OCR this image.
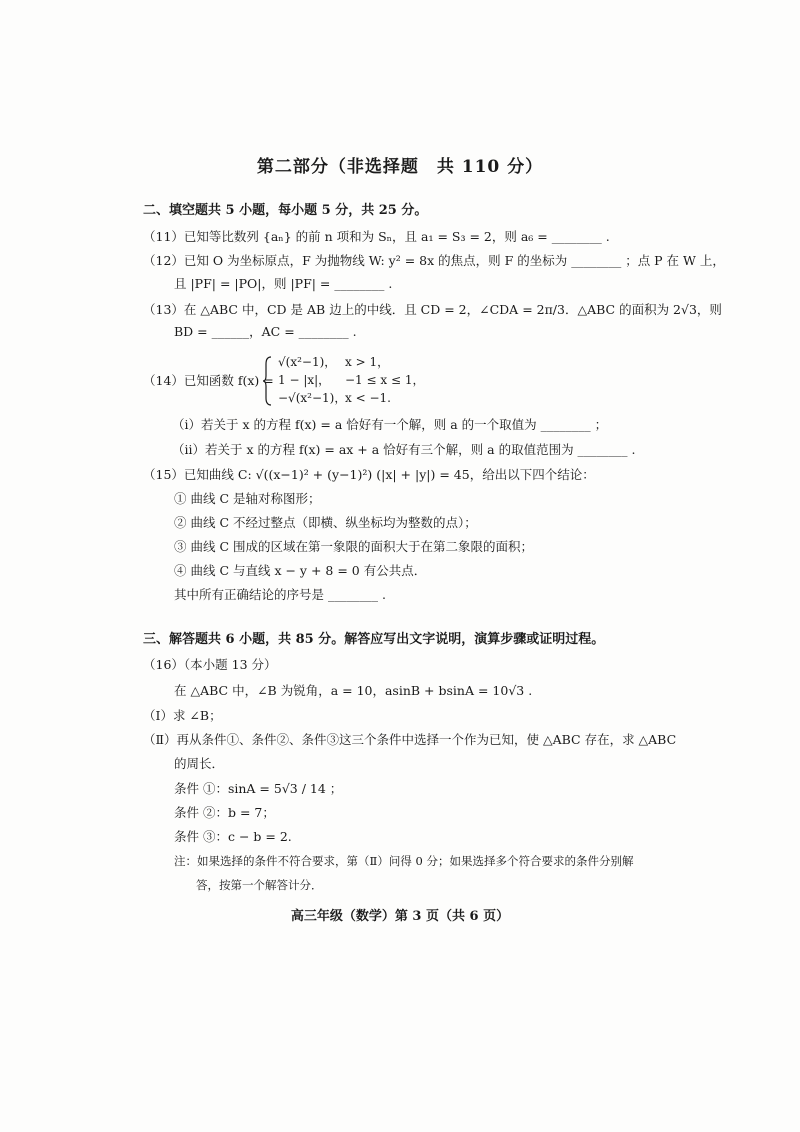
第二部分（非选择题　共 110 分）
二、填空题共 5 小题，每小题 5 分，共 25 分。
（11）已知等比数列 {aₙ} 的前 n 项和为 Sₙ，且 a₁ = S₃ = 2，则 a₆ = ________ .
（12）已知 O 为坐标原点，F 为抛物线 W: y² = 8x 的焦点，则 F 的坐标为 ________ ；点 P 在 W 上，
且 |PF| = |PO|，则 |PF| = ________ .
（13）在 △ABC 中，CD 是 AB 边上的中线．且 CD = 2，∠CDA = 2π/3．△ABC 的面积为 2√3，则
BD = ______，AC = ________ .
（14）已知函数 f(x) =
√(x²−1)， x > 1，
1 − |x|， −1 ≤ x ≤ 1，
−√(x²−1)，
x < −1.
（i）若关于 x 的方程 f(x) = a 恰好有一个解，则 a 的一个取值为 ________ ；
（ii）若关于 x 的方程 f(x) = ax + a 恰好有三个解，则 a 的取值范围为 ________ .
（15）已知曲线 C: √((x−1)² + (y−1)²) (|x| + |y|) = 45，给出以下四个结论：
① 曲线 C 是轴对称图形；
② 曲线 C 不经过整点（即横、纵坐标均为整数的点）；
③ 曲线 C 围成的区域在第一象限的面积大于在第二象限的面积；
④ 曲线 C 与直线 x − y + 8 = 0 有公共点．
其中所有正确结论的序号是 ________ .
三、解答题共 6 小题，共 85 分。解答应写出文字说明，演算步骤或证明过程。
（16）（本小题 13 分）
在 △ABC 中，∠B 为锐角，a = 10，asinB + bsinA = 10√3 .
（Ⅰ）求 ∠B；
（Ⅱ）再从条件①、条件②、条件③这三个条件中选择一个作为已知，使 △ABC 存在，求 △ABC
的周长．
条件 ①：sinA = 5√3 / 14 ；
条件 ②：b = 7；
条件 ③：c − b = 2.
注：如果选择的条件不符合要求，第（Ⅱ）问得 0 分；如果选择多个符合要求的条件分别解
答，按第一个解答计分．
高三年级（数学）第 3 页（共 6 页）
